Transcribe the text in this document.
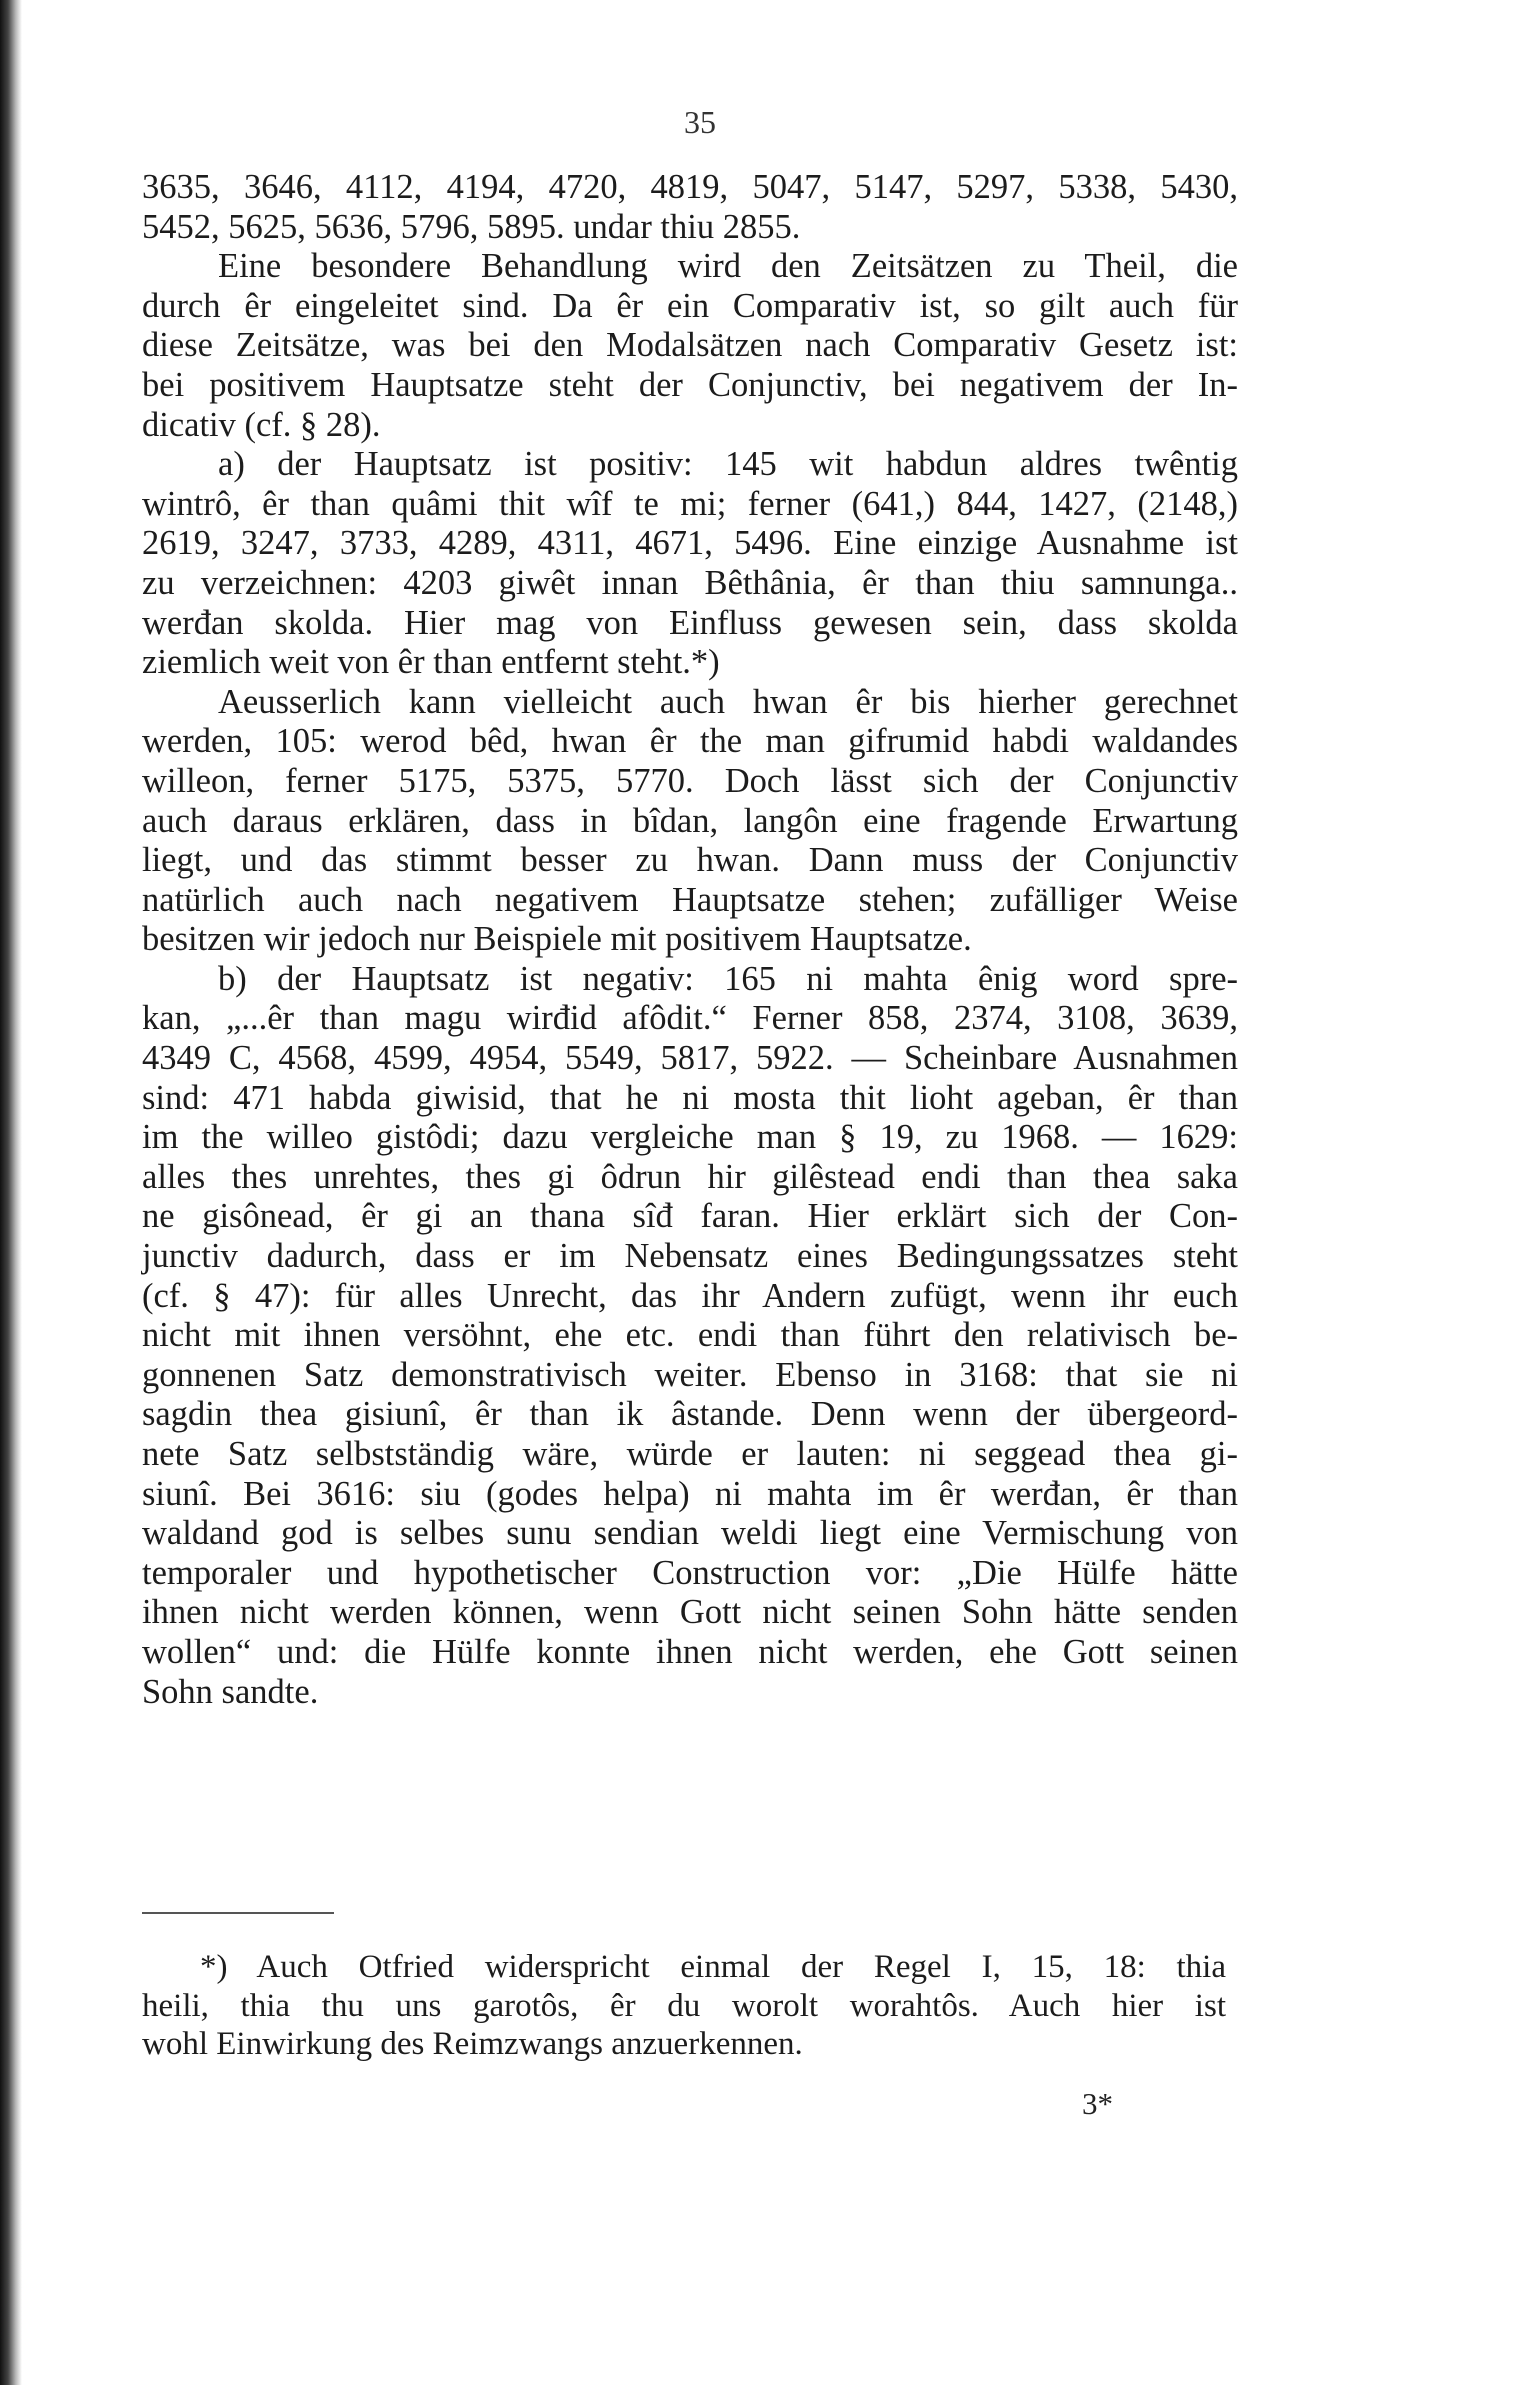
35
3635, 3646, 4112, 4194, 4720, 4819, 5047, 5147, 5297, 5338, 5430,
5452, 5625, 5636, 5796, 5895. undar thiu 2855.
Eine besondere Behandlung wird den Zeitsätzen zu Theil, die
durch êr eingeleitet sind. Da êr ein Comparativ ist, so gilt auch für
diese Zeitsätze, was bei den Modalsätzen nach Comparativ Gesetz ist:
bei positivem Hauptsatze steht der Conjunctiv, bei negativem der In-
dicativ (cf. § 28).
a) der Hauptsatz ist positiv: 145 wit habdun aldres twêntig
wintrô, êr than quâmi thit wîf te mi; ferner (641,) 844, 1427, (2148,)
2619, 3247, 3733, 4289, 4311, 4671, 5496. Eine einzige Ausnahme ist
zu verzeichnen: 4203 giwêt innan Bêthânia, êr than thiu samnunga..
werđan skolda. Hier mag von Einfluss gewesen sein, dass skolda
ziemlich weit von êr than entfernt steht.*)
Aeusserlich kann vielleicht auch hwan êr bis hierher gerechnet
werden, 105: werod bêd, hwan êr the man gifrumid habdi waldandes
willeon, ferner 5175, 5375, 5770. Doch lässt sich der Conjunctiv
auch daraus erklären, dass in bîdan, langôn eine fragende Erwartung
liegt, und das stimmt besser zu hwan. Dann muss der Conjunctiv
natürlich auch nach negativem Hauptsatze stehen; zufälliger Weise
besitzen wir jedoch nur Beispiele mit positivem Hauptsatze.
b) der Hauptsatz ist negativ: 165 ni mahta ênig word spre-
kan, „...êr than magu wirđid afôdit.“ Ferner 858, 2374, 3108, 3639,
4349 C, 4568, 4599, 4954, 5549, 5817, 5922. — Scheinbare Ausnahmen
sind: 471 habda giwisid, that he ni mosta thit lioht ageban, êr than
im the willeo gistôdi; dazu vergleiche man § 19, zu 1968. — 1629:
alles thes unrehtes, thes gi ôdrun hir gilêstead endi than thea saka
ne gisônead, êr gi an thana sîđ faran. Hier erklärt sich der Con-
junctiv dadurch, dass er im Nebensatz eines Bedingungssatzes steht
(cf. § 47): für alles Unrecht, das ihr Andern zufügt, wenn ihr euch
nicht mit ihnen versöhnt, ehe etc. endi than führt den relativisch be-
gonnenen Satz demonstrativisch weiter. Ebenso in 3168: that sie ni
sagdin thea gisiunî, êr than ik âstande. Denn wenn der übergeord-
nete Satz selbstständig wäre, würde er lauten: ni seggead thea gi-
siunî. Bei 3616: siu (godes helpa) ni mahta im êr werđan, êr than
waldand god is selbes sunu sendian weldi liegt eine Vermischung von
temporaler und hypothetischer Construction vor: „Die Hülfe hätte
ihnen nicht werden können, wenn Gott nicht seinen Sohn hätte senden
wollen“ und: die Hülfe konnte ihnen nicht werden, ehe Gott seinen
Sohn sandte.
*) Auch Otfried widerspricht einmal der Regel I, 15, 18: thia
heili, thia thu uns garotôs, êr du worolt worahtôs. Auch hier ist
wohl Einwirkung des Reimzwangs anzuerkennen.
3*
